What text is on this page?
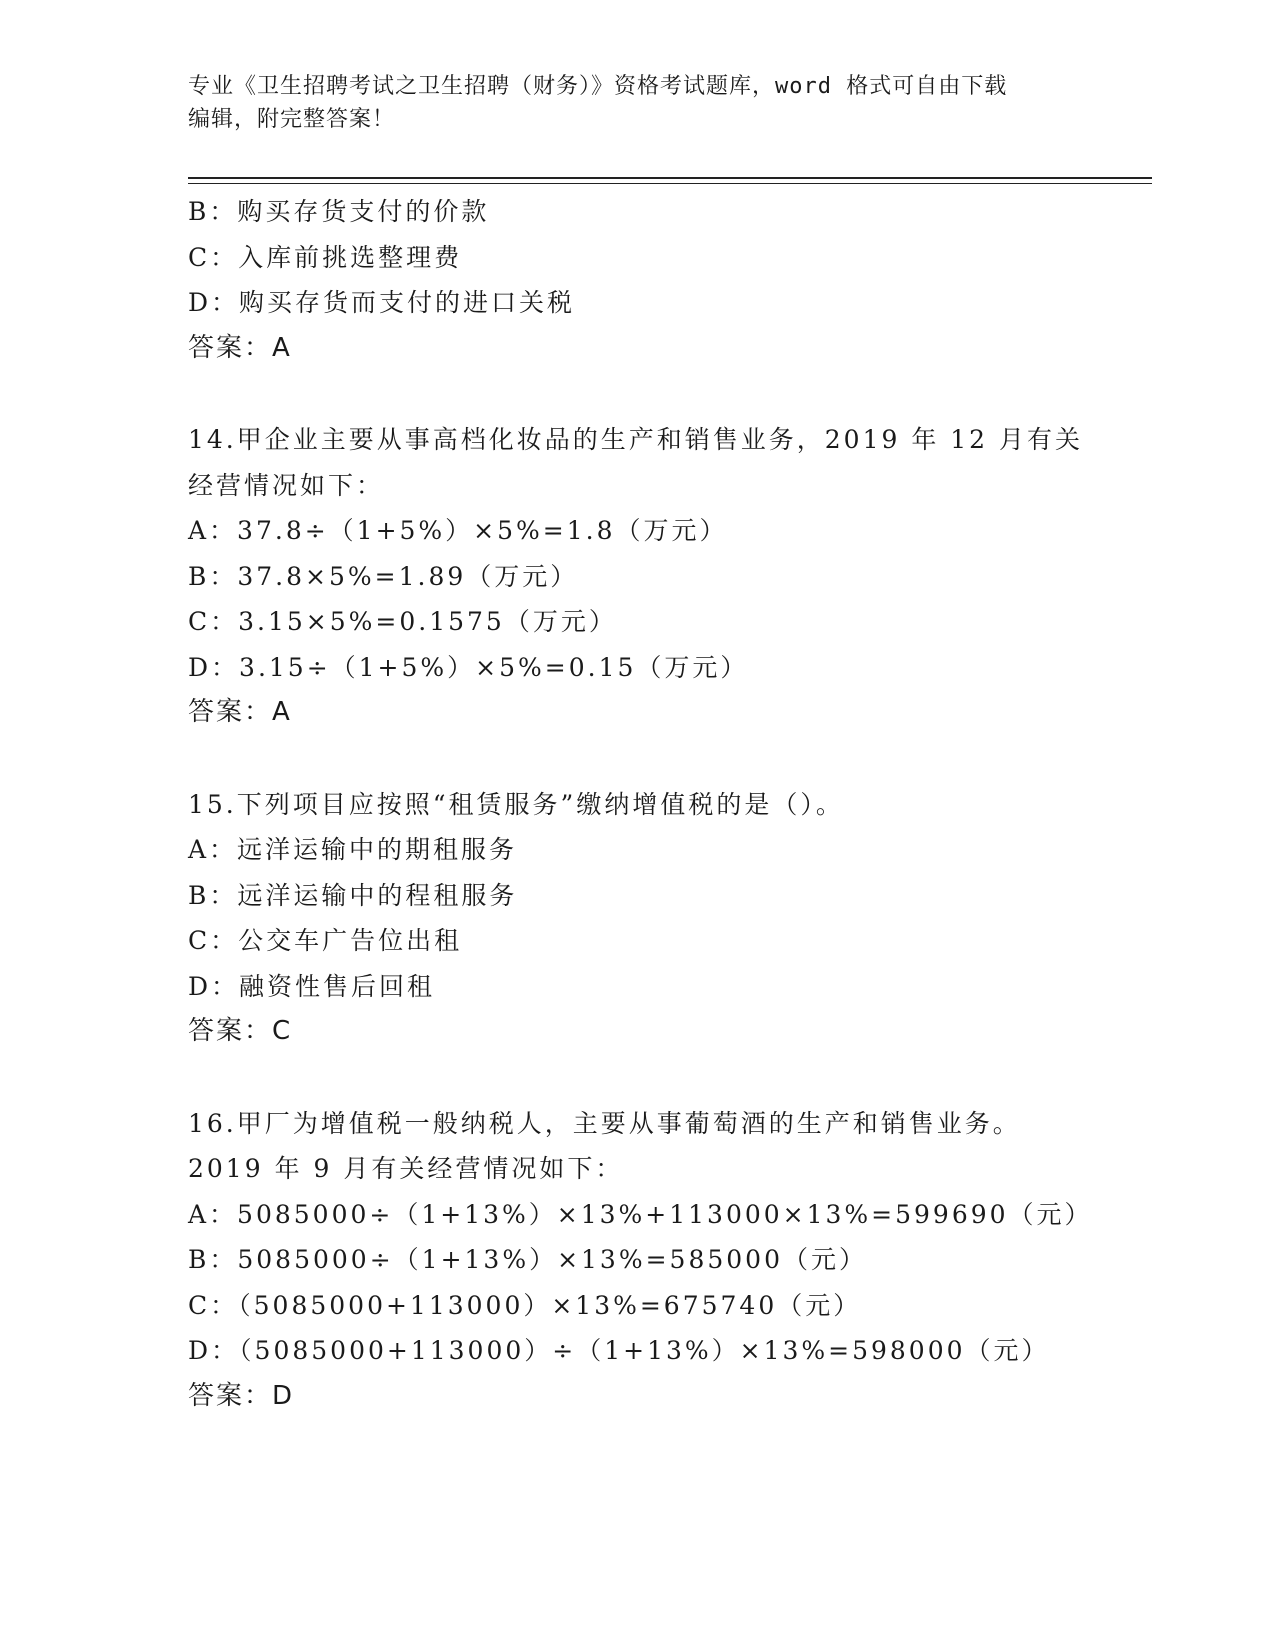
专业《卫生招聘考试之卫生招聘（财务）》资格考试题库，word 格式可自由下载
编辑，附完整答案！
B：购买存货支付的价款
C：入库前挑选整理费
D：购买存货而支付的进口关税
答案：A
14.甲企业主要从事高档化妆品的生产和销售业务，2019 年 12 月有关
经营情况如下：
A：37.8÷（1+5%）×5%=1.8（万元）
B：37.8×5%=1.89（万元）
C：3.15×5%=0.1575（万元）
D：3.15÷（1+5%）×5%=0.15（万元）
答案：A
15.下列项目应按照“租赁服务”缴纳增值税的是（）。
A：远洋运输中的期租服务
B：远洋运输中的程租服务
C：公交车广告位出租
D：融资性售后回租
答案：C
16.甲厂为增值税一般纳税人，主要从事葡萄酒的生产和销售业务。
2019 年 9 月有关经营情况如下：
A：5085000÷（1+13%）×13%+113000×13%=599690（元）
B：5085000÷（1+13%）×13%=585000（元）
C：（5085000+113000）×13%=675740（元）
D：（5085000+113000）÷（1+13%）×13%=598000（元）
答案：D
